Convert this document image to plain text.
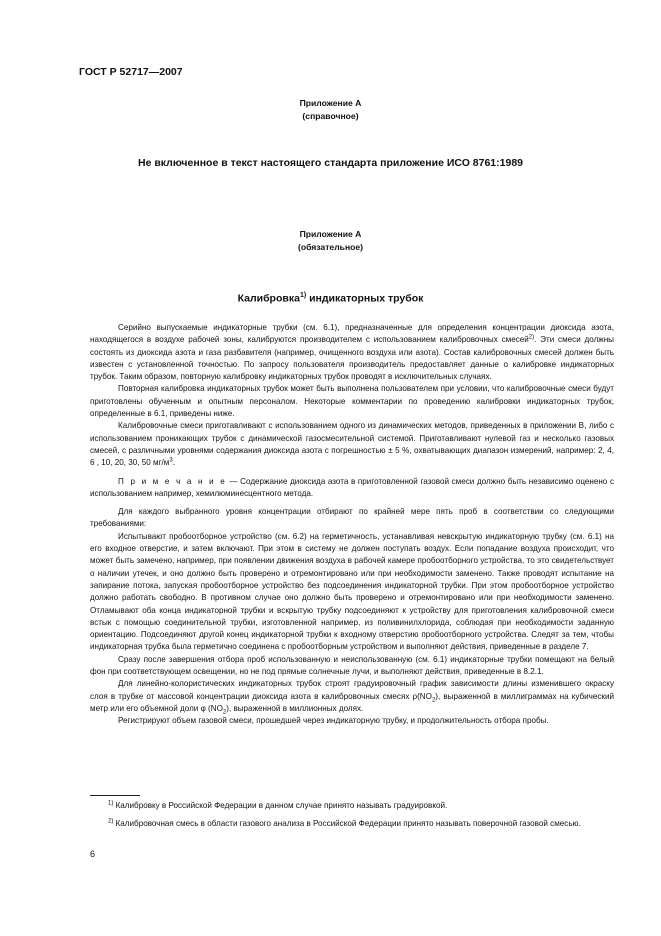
ГОСТ Р 52717—2007
Приложение А
(справочное)
Не включенное в текст настоящего стандарта приложение ИСО 8761:1989
Приложение А
(обязательное)
Калибровка$^{1)}$ индикаторных трубок

Серийно выпускаемые индикаторные трубки (см. 6.1), предназначенные для определения концентрации диоксида азота, находящегося в воздухе рабочей зоны, калибруются производителем с использованием калибровочных смесей$^{2)}$. Эти смеси должны состоять из диоксида азота и газа разбавителя (например, очищенного воздуха или азота). Состав калибровочных смесей должен быть известен с установленной точностью. По запросу пользователя производитель предоставляет данные о калибровке индикаторных трубок. Таким образом, повторную калибровку индикаторных трубок проводят в исключительных случаях.

Повторная калибровка индикаторных трубок может быть выполнена пользователем при условии, что калибровочные смеси будут приготовлены обученным и опытным персоналом. Некоторые комментарии по проведению калибровки индикаторных трубок, определенные в 6.1, приведены ниже.

Калибровочные смеси приготавливают с использованием одного из динамических методов, приведенных в приложении В, либо с использованием проникающих трубок с динамической газосмесительной системой. Приготавливают нулевой газ и несколько газовых смесей, с различными уровнями содержания диоксида азота с погрешностью ± 5 %, охватывающих диапазон измерений, например: 2, 4, 6 , 10, 20, 30, 50 $мг/м^3$.

П р и м е ч а н и е — Содержание диоксида азота в приготовленной газовой смеси должно быть независимо оценено с использованием например, хемилюминесцентного метода.

Для каждого выбранного уровня концентрации отбирают по крайней мере пять проб в соответствии со следующими требованиями:

Испытывают пробоотборное устройство (см. 6.2) на герметичность, устанавливая невскрытую индикаторную трубку (см. 6.1) на его входное отверстие, и затем включают. При этом в систему не должен поступать воздух. Если попадание воздуха происходит, что может быть замечено, например, при появлении движения воздуха в рабочей камере пробоотборного устройства, то это свидетельствует о наличии утечек, и оно должно быть проверено и отремонтировано или при необходимости заменено. Также проводят испытание на запирание потока, запуская пробоотборное устройство без подсоединения индикаторной трубки. При этом пробоотборное устройство должно работать свободно. В противном случае оно должно быть проверено и отремонтировано или при необходимости заменено. Отламывают оба конца индикаторной трубки и вскрытую трубку подсоединяют к устройству для приготовления калибровочной смеси встык с помощью соединительной трубки, изготовленной например, из поливинилхлорида, соблюдая при необходимости заданную ориентацию. Подсоединяют другой конец индикаторной трубки к входному отверстию пробоотборного устройства. Следят за тем, чтобы индикаторная трубка была герметично соединена с пробоотборным устройством и выполняют действия, приведенные в разделе 7.

Сразу после завершения отбора проб использованную и неиспользованную (см. 6.1) индикаторные трубки помещают на белый фон при соответствующем освещении, но не под прямые солнечные лучи, и выполняют действия, приведенные в 8.2.1.

Для линейно-колористических индикаторных трубок строят градуировочный график зависимости длины изменившего окраску слоя в трубке от массовой концентрации диоксида азота в калибровочных смесях $\rho(NO_2)$, выраженной в миллиграммах на кубический метр или его объемной доли φ $(NO_2)$, выраженной в миллионных долях.

Регистрируют объем газовой смеси, прошедшей через индикаторную трубку, и продолжительность отбора пробы.

$^{1)}$ Калибровку в Российской Федерации в данном случае принято называть градуировкой.

$^{2)}$ Калибровочная смесь в области газового анализа в Российской Федерации принято называть поверочной газовой смесью.

6
